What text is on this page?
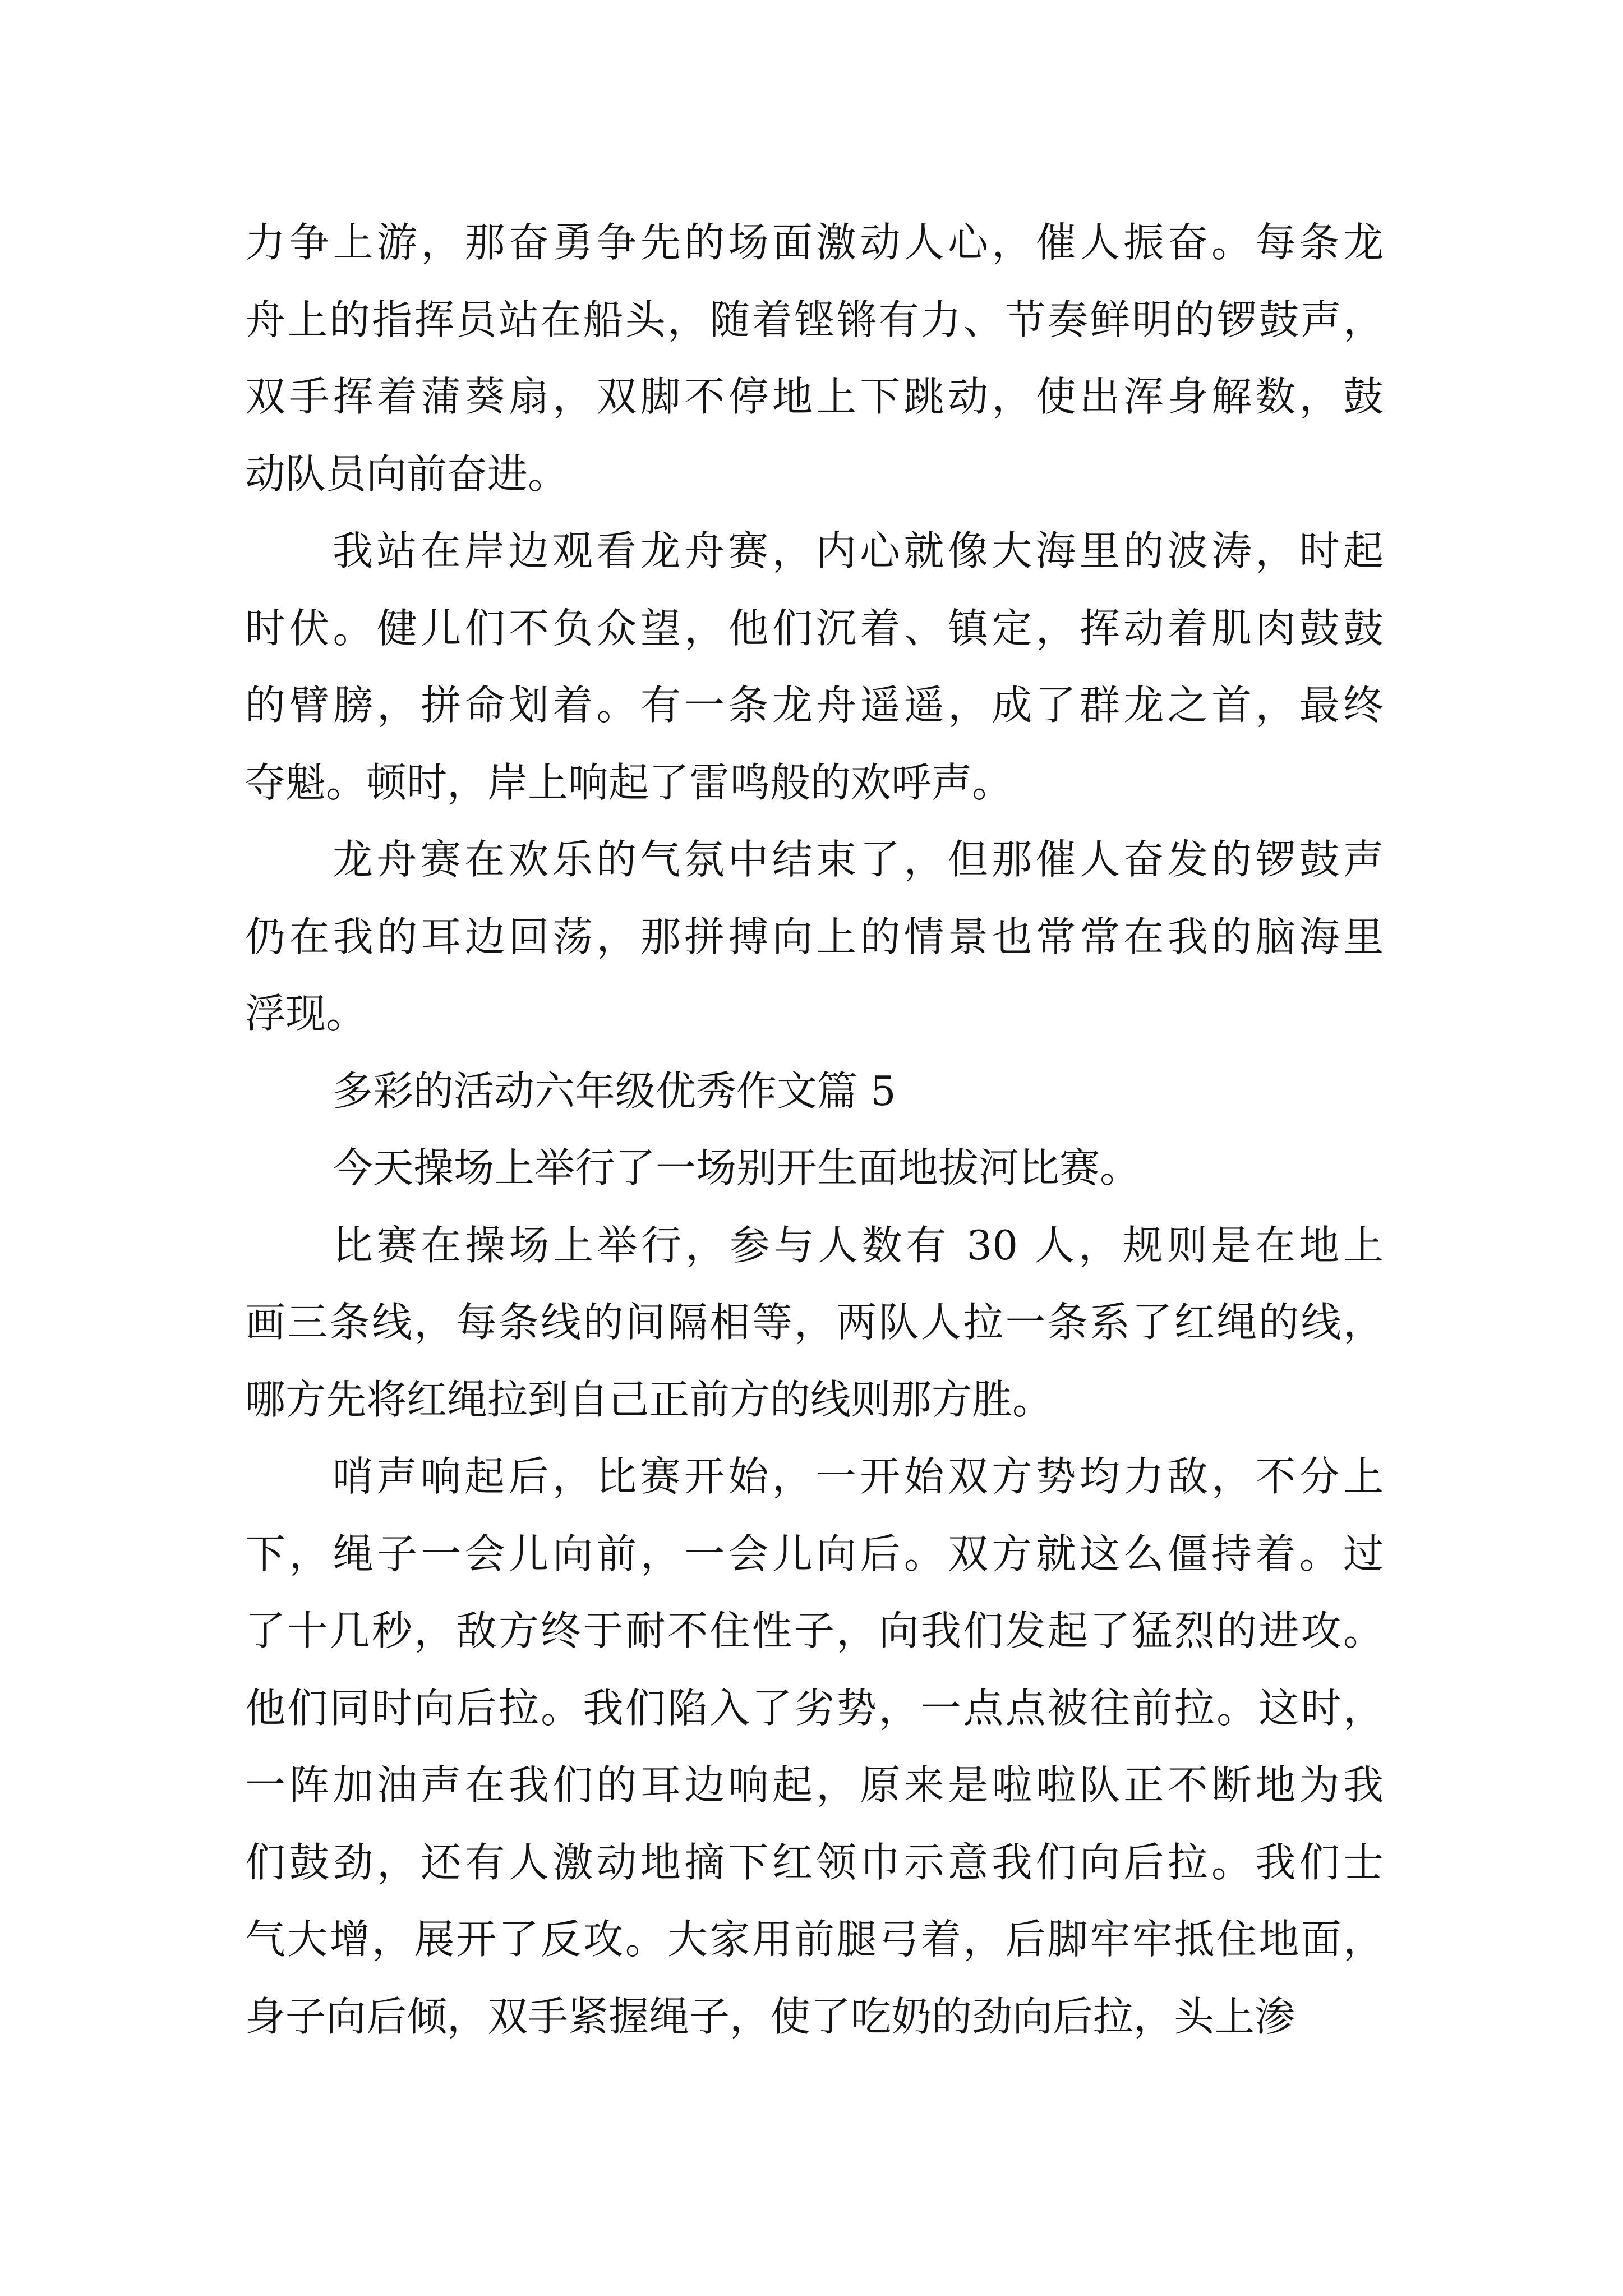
力争上游，那奋勇争先的场面激动人心，催人振奋。每条龙
舟上的指挥员站在船头，随着铿锵有力、节奏鲜明的锣鼓声，
双手挥着蒲葵扇，双脚不停地上下跳动，使出浑身解数，鼓
动队员向前奋进。
我站在岸边观看龙舟赛，内心就像大海里的波涛，时起
时伏。健儿们不负众望，他们沉着、镇定，挥动着肌肉鼓鼓
的臂膀，拼命划着。有一条龙舟遥遥，成了群龙之首，最终
夺魁。顿时，岸上响起了雷鸣般的欢呼声。
龙舟赛在欢乐的气氛中结束了，但那催人奋发的锣鼓声
仍在我的耳边回荡，那拼搏向上的情景也常常在我的脑海里
浮现。
多彩的活动六年级优秀作文篇 5
今天操场上举行了一场别开生面地拔河比赛。
比赛在操场上举行，参与人数有 30 人，规则是在地上
画三条线，每条线的间隔相等，两队人拉一条系了红绳的线，
哪方先将红绳拉到自己正前方的线则那方胜。
哨声响起后，比赛开始，一开始双方势均力敌，不分上
下，绳子一会儿向前，一会儿向后。双方就这么僵持着。过
了十几秒，敌方终于耐不住性子，向我们发起了猛烈的进攻。
他们同时向后拉。我们陷入了劣势，一点点被往前拉。这时，
一阵加油声在我们的耳边响起，原来是啦啦队正不断地为我
们鼓劲，还有人激动地摘下红领巾示意我们向后拉。我们士
气大增，展开了反攻。大家用前腿弓着，后脚牢牢抵住地面，
身子向后倾，双手紧握绳子，使了吃奶的劲向后拉，头上渗
